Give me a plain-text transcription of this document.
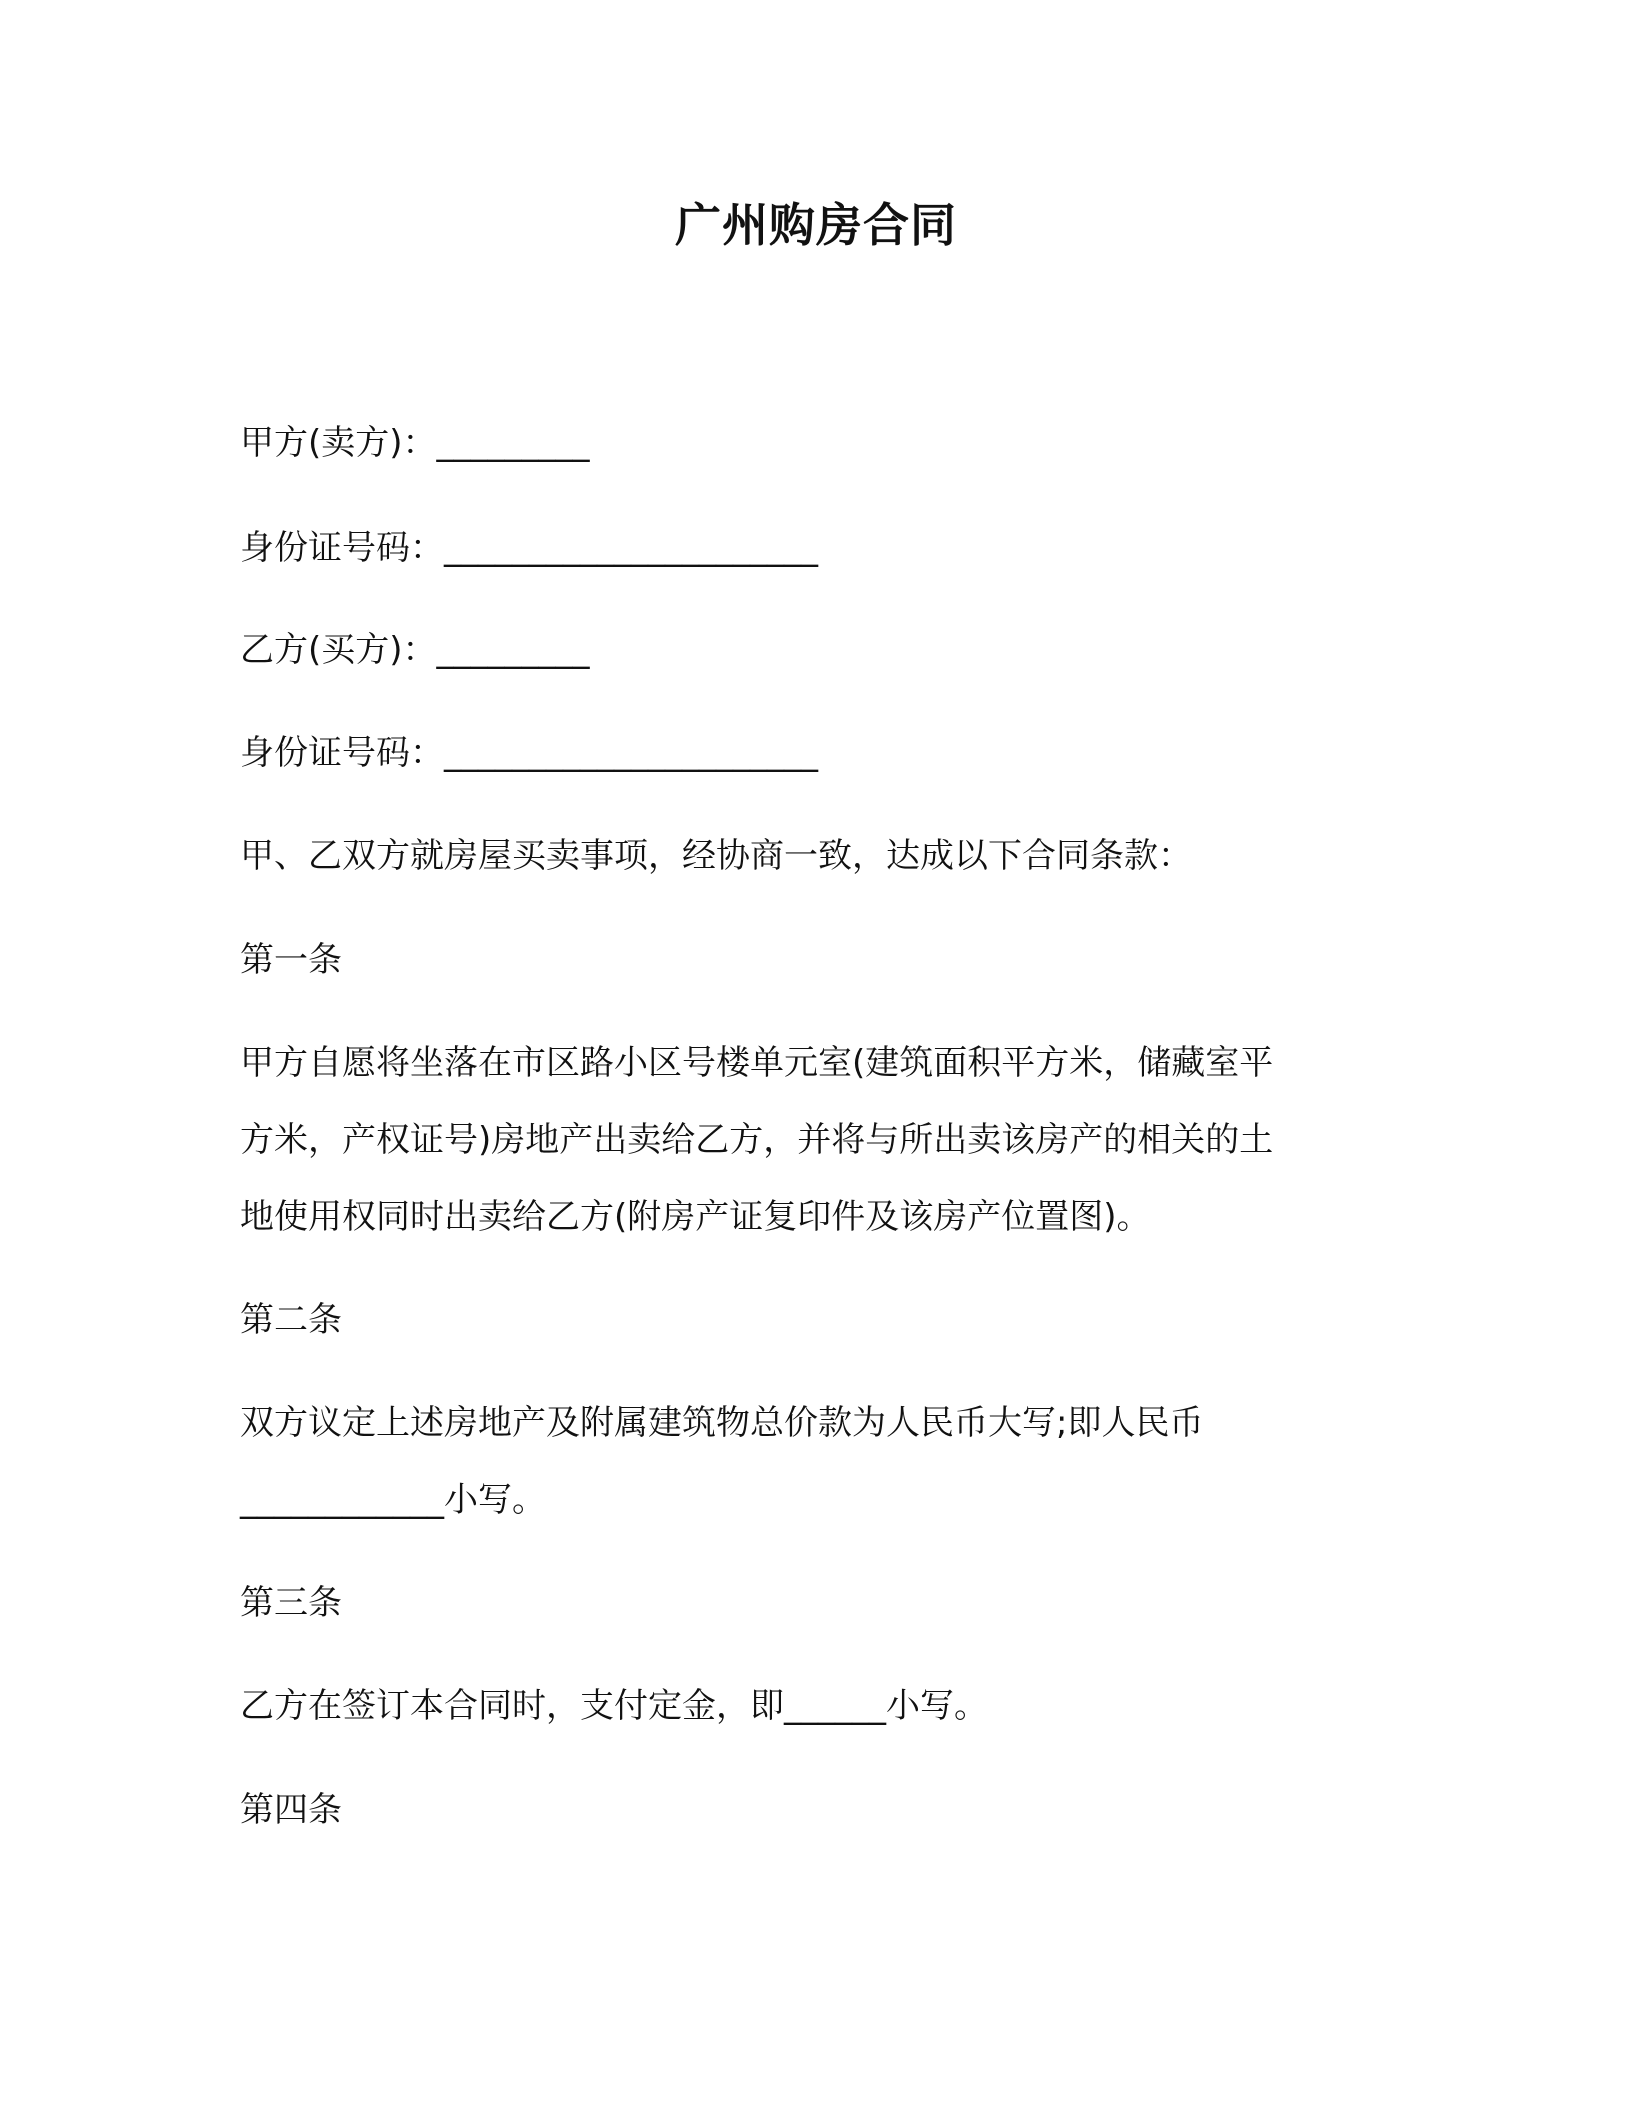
广州购房合同

甲方(卖方)：_________

身份证号码：______________________

乙方(买方)：_________

身份证号码：______________________

甲、乙双方就房屋买卖事项，经协商一致，达成以下合同条款：

第一条

甲方自愿将坐落在市区路小区号楼单元室(建筑面积平方米，储藏室平

方米，产权证号)房地产出卖给乙方，并将与所出卖该房产的相关的土

地使用权同时出卖给乙方(附房产证复印件及该房产位置图)。

第二条

双方议定上述房地产及附属建筑物总价款为人民币大写;即人民币

____________小写。

第三条

乙方在签订本合同时，支付定金，即______小写。

第四条
